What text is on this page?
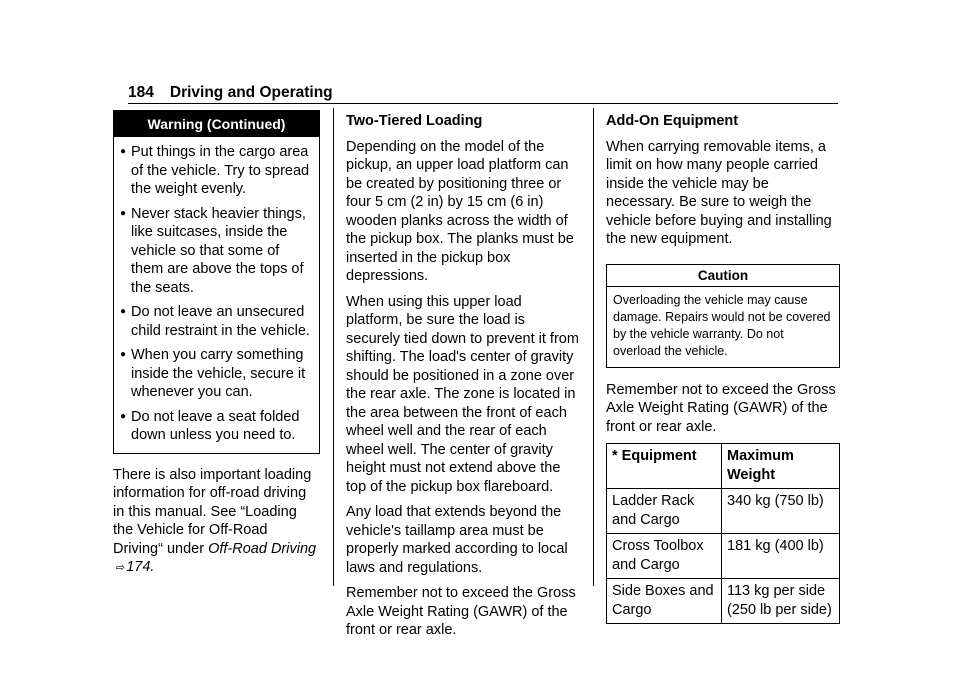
184 Driving and Operating
Warning (Continued)
● Put things in the cargo area of the vehicle. Try to spread the weight evenly.
● Never stack heavier things, like suitcases, inside the vehicle so that some of them are above the tops of the seats.
● Do not leave an unsecured child restraint in the vehicle.
● When you carry something inside the vehicle, secure it whenever you can.
● Do not leave a seat folded down unless you need to.

There is also important loading information for off-road driving in this manual. See “Loading the Vehicle for Off-Road Driving“ under Off-Road Driving ⇨ 174.

Two-Tiered Loading

Depending on the model of the pickup, an upper load platform can be created by positioning three or four 5 cm (2 in) by 15 cm (6 in) wooden planks across the width of the pickup box. The planks must be inserted in the pickup box depressions.

When using this upper load platform, be sure the load is securely tied down to prevent it from shifting. The load's center of gravity should be positioned in a zone over the rear axle. The zone is located in the area between the front of each wheel well and the rear of each wheel well. The center of gravity height must not extend above the top of the pickup box flareboard.

Any load that extends beyond the vehicle's taillamp area must be properly marked according to local laws and regulations.

Remember not to exceed the Gross Axle Weight Rating (GAWR) of the front or rear axle.

Add-On Equipment

When carrying removable items, a limit on how many people carried inside the vehicle may be necessary. Be sure to weigh the vehicle before buying and installing the new equipment.

Caution
Overloading the vehicle may cause damage. Repairs would not be covered by the vehicle warranty. Do not overload the vehicle.

Remember not to exceed the Gross Axle Weight Rating (GAWR) of the front or rear axle.

* Equipment	Maximum Weight
Ladder Rack and Cargo	340 kg (750 lb)
Cross Toolbox and Cargo	181 kg (400 lb)
Side Boxes and Cargo	113 kg per side (250 lb per side)
